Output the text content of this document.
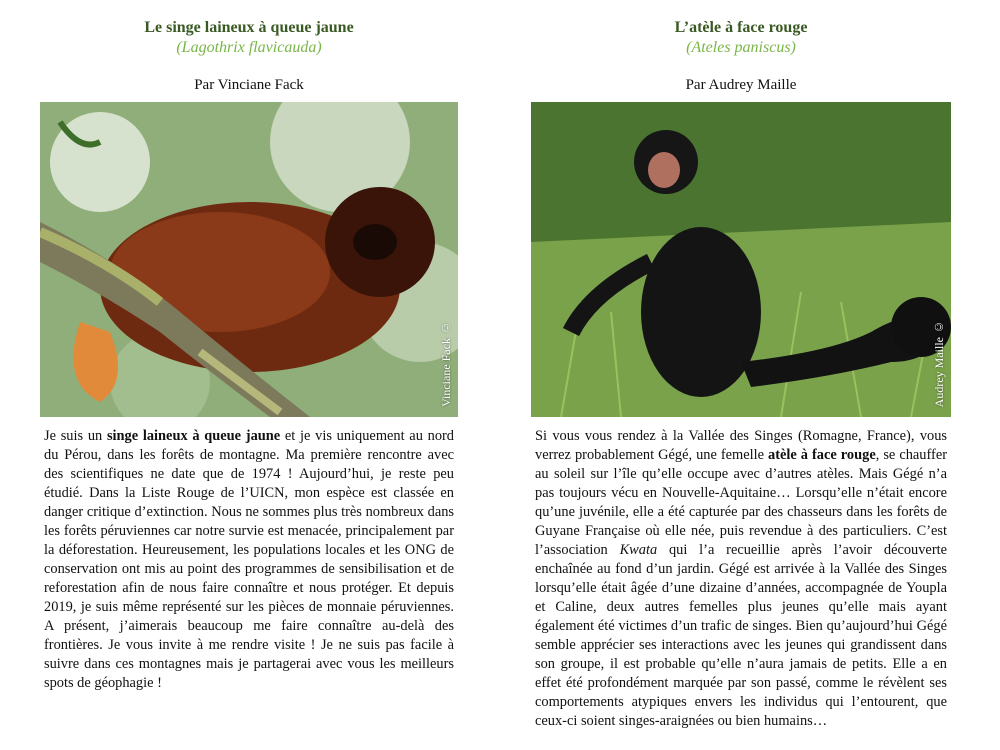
Le singe laineux à queue jaune
(Lagothrix flavicauda)
Par Vinciane Fack
Vinciane Fack ©
Je suis un singe laineux à queue jaune et je vis uniquement au nord du Pérou, dans les forêts de montagne. Ma première rencontre avec des scientifiques ne date que de 1974 ! Aujourd’hui, je reste peu étudié. Dans la Liste Rouge de l’UICN, mon espèce est classée en danger critique d’extinction. Nous ne sommes plus très nombreux dans les forêts péruviennes car notre survie est menacée, principalement par la déforestation. Heureusement, les populations locales et les ONG de conservation ont mis au point des programmes de sensibilisation et de reforestation afin de nous faire connaître et nous protéger. Et depuis 2019, je suis même représenté sur les pièces de monnaie péruviennes. A présent, j’aimerais beaucoup me faire connaître au-delà des frontières. Je vous invite à me rendre visite ! Je ne suis pas facile à suivre dans ces montagnes mais je partagerai avec vous les meilleurs spots de géophagie !
L’atèle à face rouge
(Ateles paniscus)
Par Audrey Maille
Audrey Maille ©
Si vous vous rendez à la Vallée des Singes (Romagne, France), vous verrez probablement Gégé, une femelle atèle à face rouge, se chauffer au soleil sur l’île qu’elle occupe avec d’autres atèles. Mais Gégé n’a pas toujours vécu en Nouvelle-Aquitaine… Lorsqu’elle n’était encore qu’une juvénile, elle a été capturée par des chasseurs dans les forêts de Guyane Française où elle née, puis revendue à des particuliers. C’est l’association Kwata qui l’a recueillie après l’avoir découverte enchaînée au fond d’un jardin. Gégé est arrivée à la Vallée des Singes lorsqu’elle était âgée d’une dizaine d’années, accompagnée de Youpla et Caline, deux autres femelles plus jeunes qu’elle mais ayant également été victimes d’un trafic de singes. Bien qu’aujourd’hui Gégé semble apprécier ses interactions avec les jeunes qui grandissent dans son groupe, il est probable qu’elle n’aura jamais de petits. Elle a en effet été profondément marquée par son passé, comme le révèlent ses comportements atypiques envers les individus qui l’entourent, que ceux-ci soient singes-araignées ou bien humains…
